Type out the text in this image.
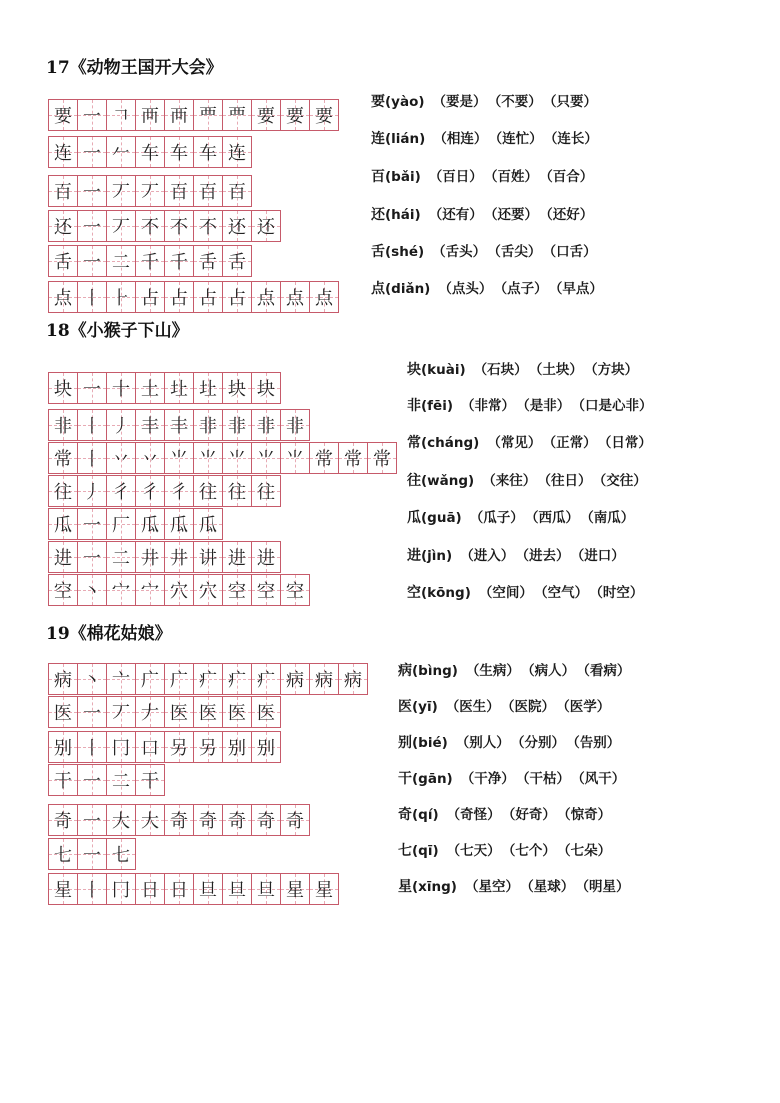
17《动物王国开大会》
要 一 𠃍 襾 襾 覀 覀 要 要 要
要(yào) （要是） （不要） （只要）
连 一 𠂉 车 车 车 连
连(lián) （相连） （连忙） （连长）
百 一 丆 丆 百 百 百
百(bǎi) （百日） （百姓） （百合）
还 一 丆 不 不 不 还 还
还(hái) （还有） （还要） （还好）
舌 一 二 千 千 舌 舌	舌(shé) （舌头） （舌尖） （口舌）
点 丨 ⺊ 占 占 占 占 点 点 点	点(diǎn) （点头） （点子） （早点）
18《小猴子下山》
块 一 十 土 圵 圵 块 块
块(kuài) （石块） （土块） （方块）
非 丨 丿 丰 丰 非 非 非 非
非(fēi) （非常） （是非） （口是心非）
常 丨 丷 丷 ⺌ ⺌ ⺌ ⺌ ⺌ 常 常 常
常(cháng) （常见） （正常） （日常）
往 丿 彳 彳 彳 往 往 往
往(wǎng) （来往） （往日） （交往）
瓜 一 厂 瓜 瓜 瓜	瓜(guā) （瓜子） （西瓜） （南瓜）
进 一 二 井 井 讲 进 进	进(jìn) （进入） （进去） （进口）
空 丶 宀 宀 穴 穴 空 空 空	空(kōng) （空间） （空气） （时空）
19《棉花姑娘》
病 丶 亠 广 广 疒 疒 疒 病 病 病	病(bìng) （生病） （病人） （看病）
医 一 丆 𠂇 医 医 医 医	医(yī) （医生） （医院） （医学）
别 丨 冂 口 另 另 别 别	别(bié) （别人） （分别） （告别）
干 一 二 干	干(gān) （干净） （干枯） （风干）
奇 一 大 大 奇 奇 奇 奇 奇	奇(qí) （奇怪） （好奇） （惊奇）
七 一 七	七(qī) （七天） （七个） （七朵）
星 丨 冂 日 日 旦 旦 旦 星 星	星(xīng) （星空） （星球） （明星）
